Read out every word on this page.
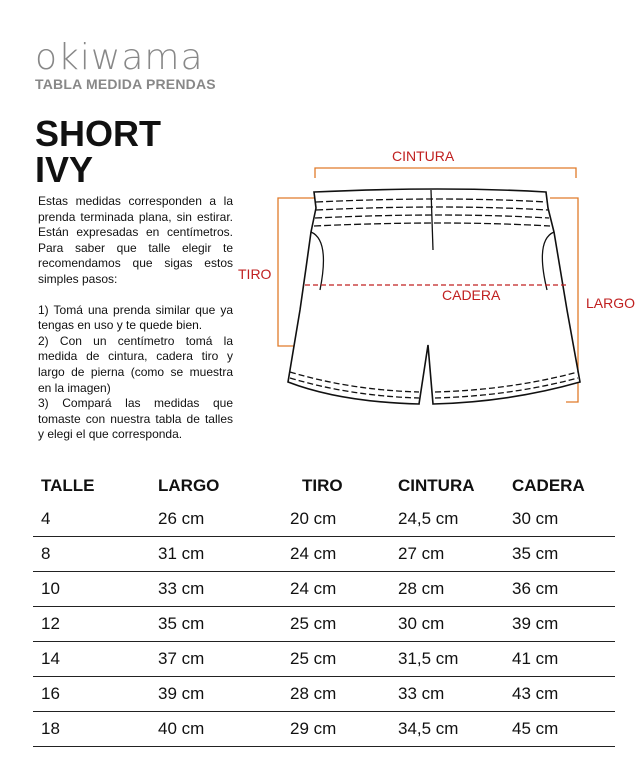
okiwama
TABLA MEDIDA PRENDAS
SHORT
IVY

Estas medidas corresponden a la prenda terminada plana, sin estirar. Están expresadas en centímetros. Para saber que talle elegir te recomendamos que sigas estos simples pasos:

1) Tomá una prenda similar que ya tengas en uso y te quede bien.

2) Con un centímetro tomá la medida de cintura, cadera tiro y largo de pierna (como se muestra en la imagen)

3) Compará las medidas que tomaste con nuestra tabla de talles y elegi el que corresponda.

CINTURA
TIRO
CADERA	LARGO
TALLE	LARGO	TIRO	CINTURA	CADERA
4	26 cm	20 cm	24,5 cm	30 cm
8	31 cm	24 cm	27 cm	35 cm
10	33 cm	24 cm	28 cm	36 cm
12	35 cm	25 cm	30 cm	39 cm
14	37 cm	25 cm	31,5 cm	41 cm
16	39 cm	28 cm	33 cm	43 cm
18	40 cm	29 cm	34,5 cm	45 cm
